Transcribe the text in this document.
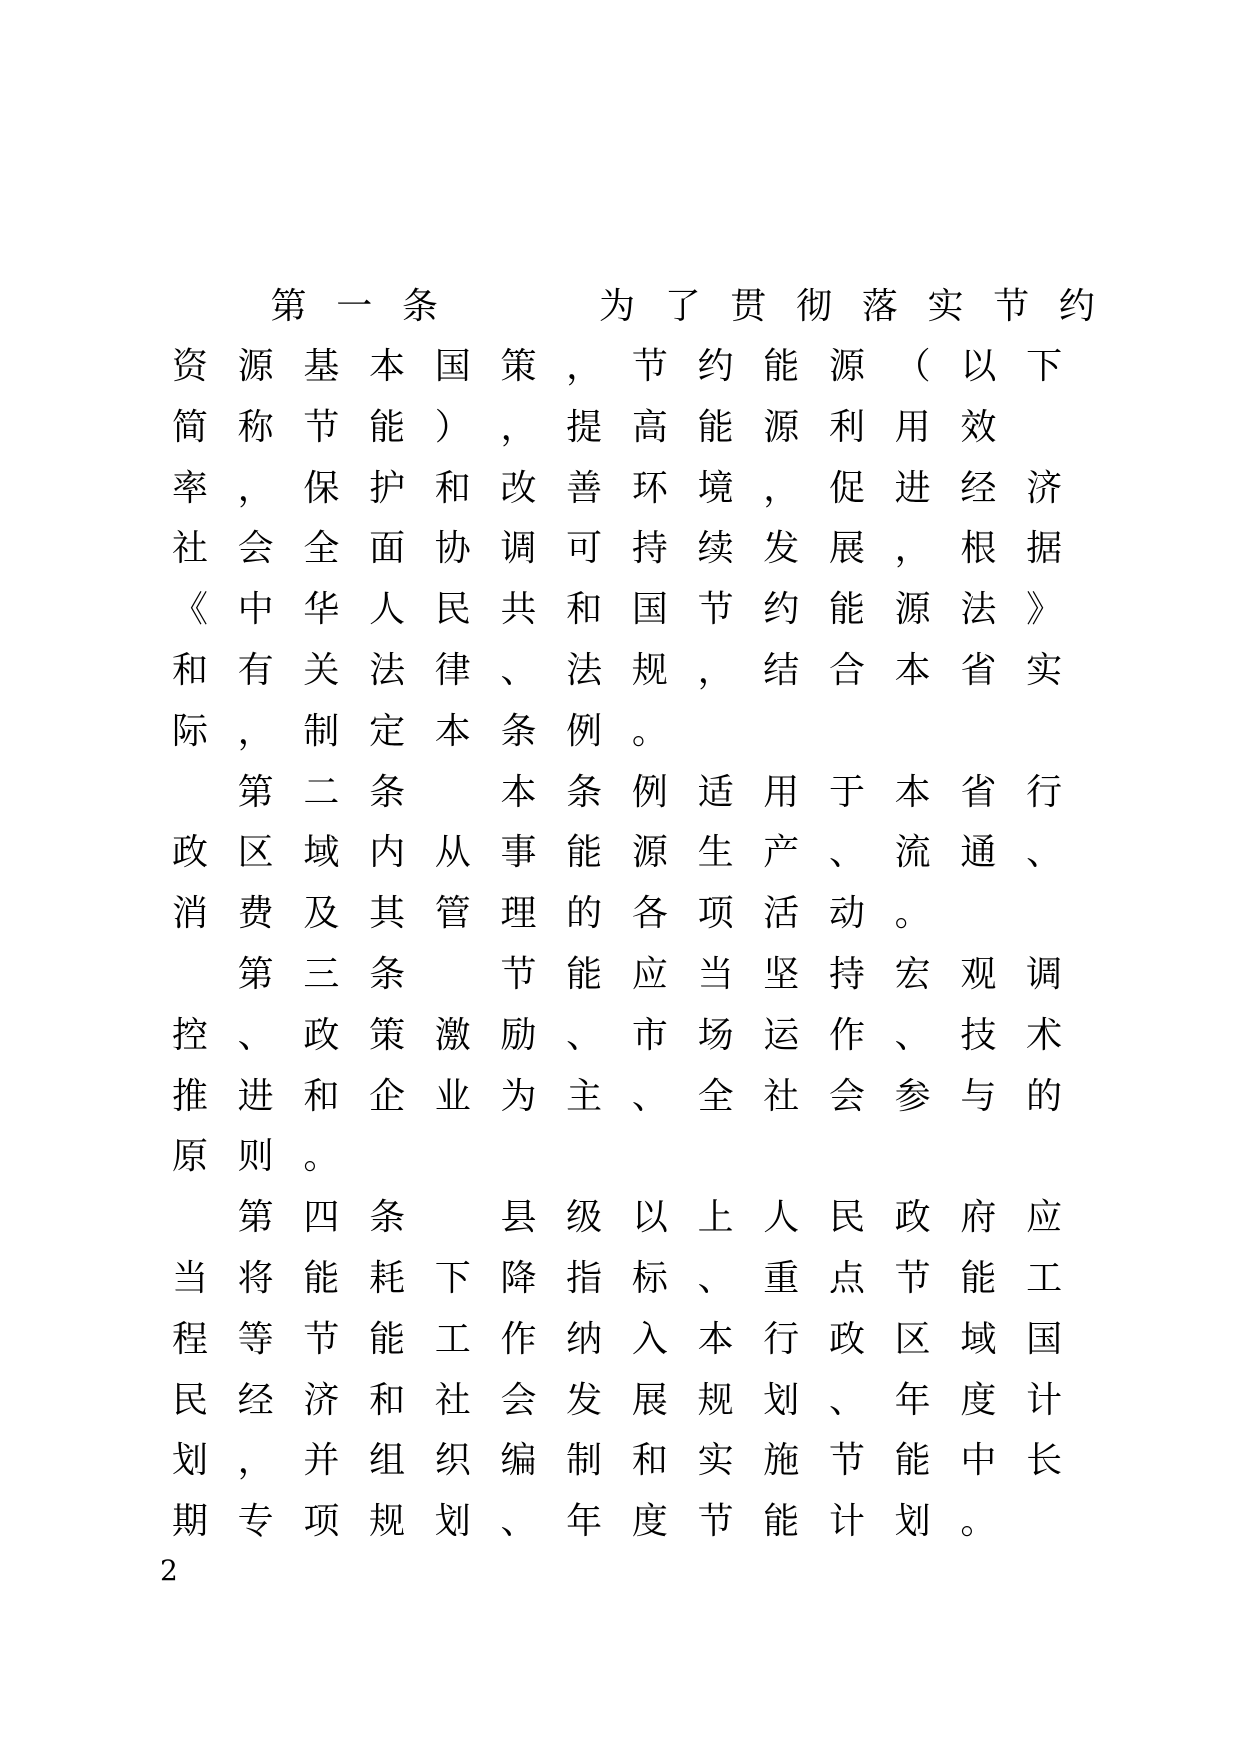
第 一 条

　	为 了 贯 彻 落 实 节 约
资 源 基 本 国 策 ， 节 约 能 源 （ 以 下
简 称 节 能 ） ， 提 高 能 源 利 用 效
率 ， 保 护 和 改 善 环 境 ， 促 进 经 济
社 会 全 面 协 调 可 持 续 发 展 ， 根 据
《 中 华 人 民 共 和 国 节 约 能 源 法 》
和 有 关 法 律 、 法 规 ， 结 合 本 省 实
际 ， 制 定 本 条 例 。
第 二 条
　	本 条 例 适 用 于 本 省 行
政 区 域 内 从 事 能 源 生 产 、 流 通 、
消 费 及 其 管 理 的 各 项 活 动 。
第 三 条
　	节 能 应 当 坚 持 宏 观 调
控 、 政 策 激 励 、 市 场 运 作 、 技 术
推 进 和 企 业 为 主 、 全 社 会 参 与 的
原 则 。
第 四 条
　	县 级 以 上 人 民 政 府 应
当 将 能 耗 下 降 指 标 、 重 点 节 能 工
程 等 节 能 工 作 纳 入 本 行 政 区 域 国
民 经 济 和 社 会 发 展 规 划 、 年 度 计
划 ， 并 组 织 编 制 和 实 施 节 能 中 长
期 专 项 规 划 、 年 度 节 能 计 划 。
2
